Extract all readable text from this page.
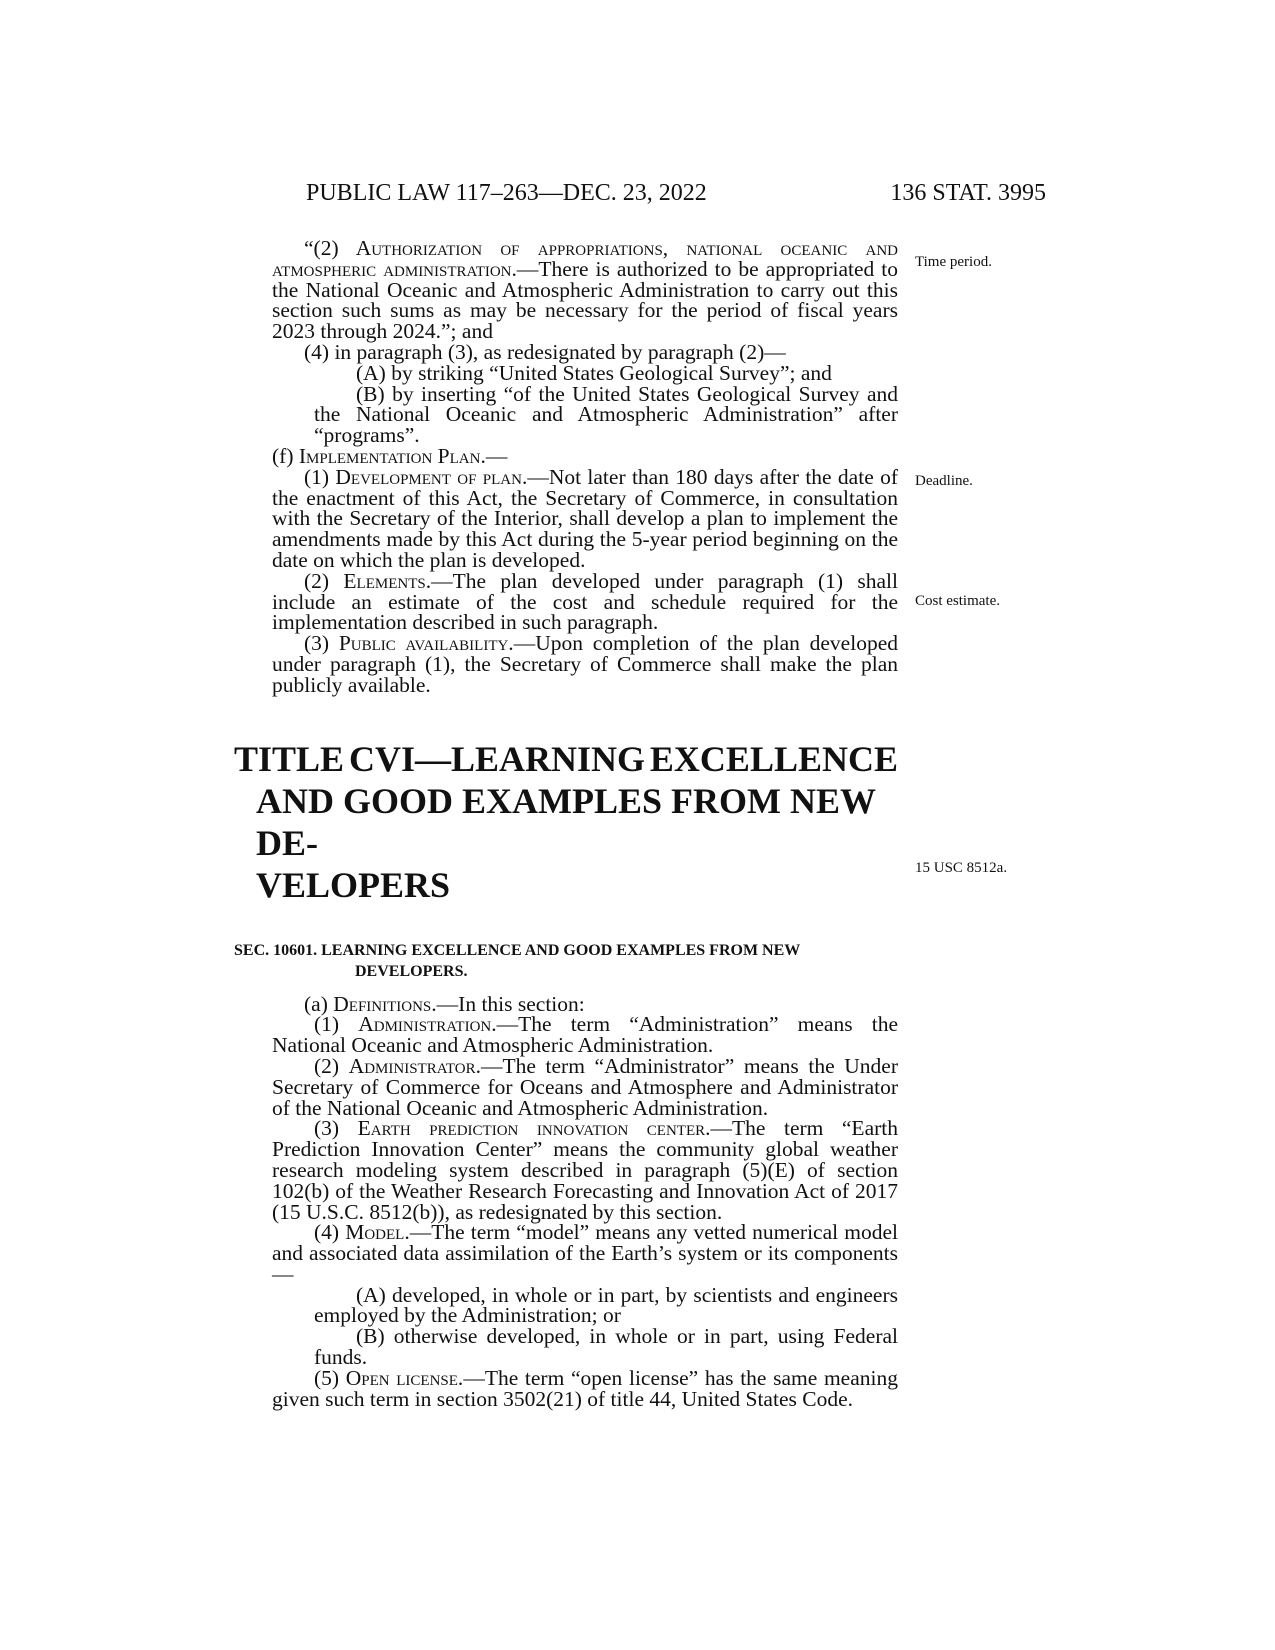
PUBLIC LAW 117–263—DEC. 23, 2022	136 STAT. 3995
Time period.
Deadline.
Cost estimate.
15 USC 8512a.

“(2) Authorization of appropriations, national oceanic and atmospheric administration.—There is authorized to be appropriated to the National Oceanic and Atmospheric Administration to carry out this section such sums as may be necessary for the period of fiscal years 2023 through 2024.”; and

(4) in paragraph (3), as redesignated by paragraph (2)—

(A) by striking “United States Geological Survey”; and

(B) by inserting “of the United States Geological Survey and the National Oceanic and Atmospheric Administration” after “programs”.

(f) Implementation Plan.—

(1) Development of plan.—Not later than 180 days after the date of the enactment of this Act, the Secretary of Commerce, in consultation with the Secretary of the Interior, shall develop a plan to implement the amendments made by this Act during the 5-year period beginning on the date on which the plan is developed.

(2) Elements.—The plan developed under paragraph (1) shall include an estimate of the cost and schedule required for the implementation described in such paragraph.

(3) Public availability.—Upon completion of the plan developed under paragraph (1), the Secretary of Commerce shall make the plan publicly available.

TITLE CVI—LEARNING EXCELLENCE
AND GOOD EXAMPLES FROM NEW DE-
VELOPERS
SEC. 10601. LEARNING EXCELLENCE AND GOOD EXAMPLES FROM NEW
DEVELOPERS.

(a) Definitions.—In this section:

(1) Administration.—The term “Administration” means the National Oceanic and Atmospheric Administration.

(2) Administrator.—The term “Administrator” means the Under Secretary of Commerce for Oceans and Atmosphere and Administrator of the National Oceanic and Atmospheric Administration.

(3) Earth prediction innovation center.—The term “Earth Prediction Innovation Center” means the community global weather research modeling system described in paragraph (5)(E) of section 102(b) of the Weather Research Forecasting and Innovation Act of 2017 (15 U.S.C. 8512(b)), as redesignated by this section.

(4) Model.—The term “model” means any vetted numerical model and associated data assimilation of the Earth’s system or its components—

(A) developed, in whole or in part, by scientists and engineers employed by the Administration; or

(B) otherwise developed, in whole or in part, using Federal funds.

(5) Open license.—The term “open license” has the same meaning given such term in section 3502(21) of title 44, United States Code.
